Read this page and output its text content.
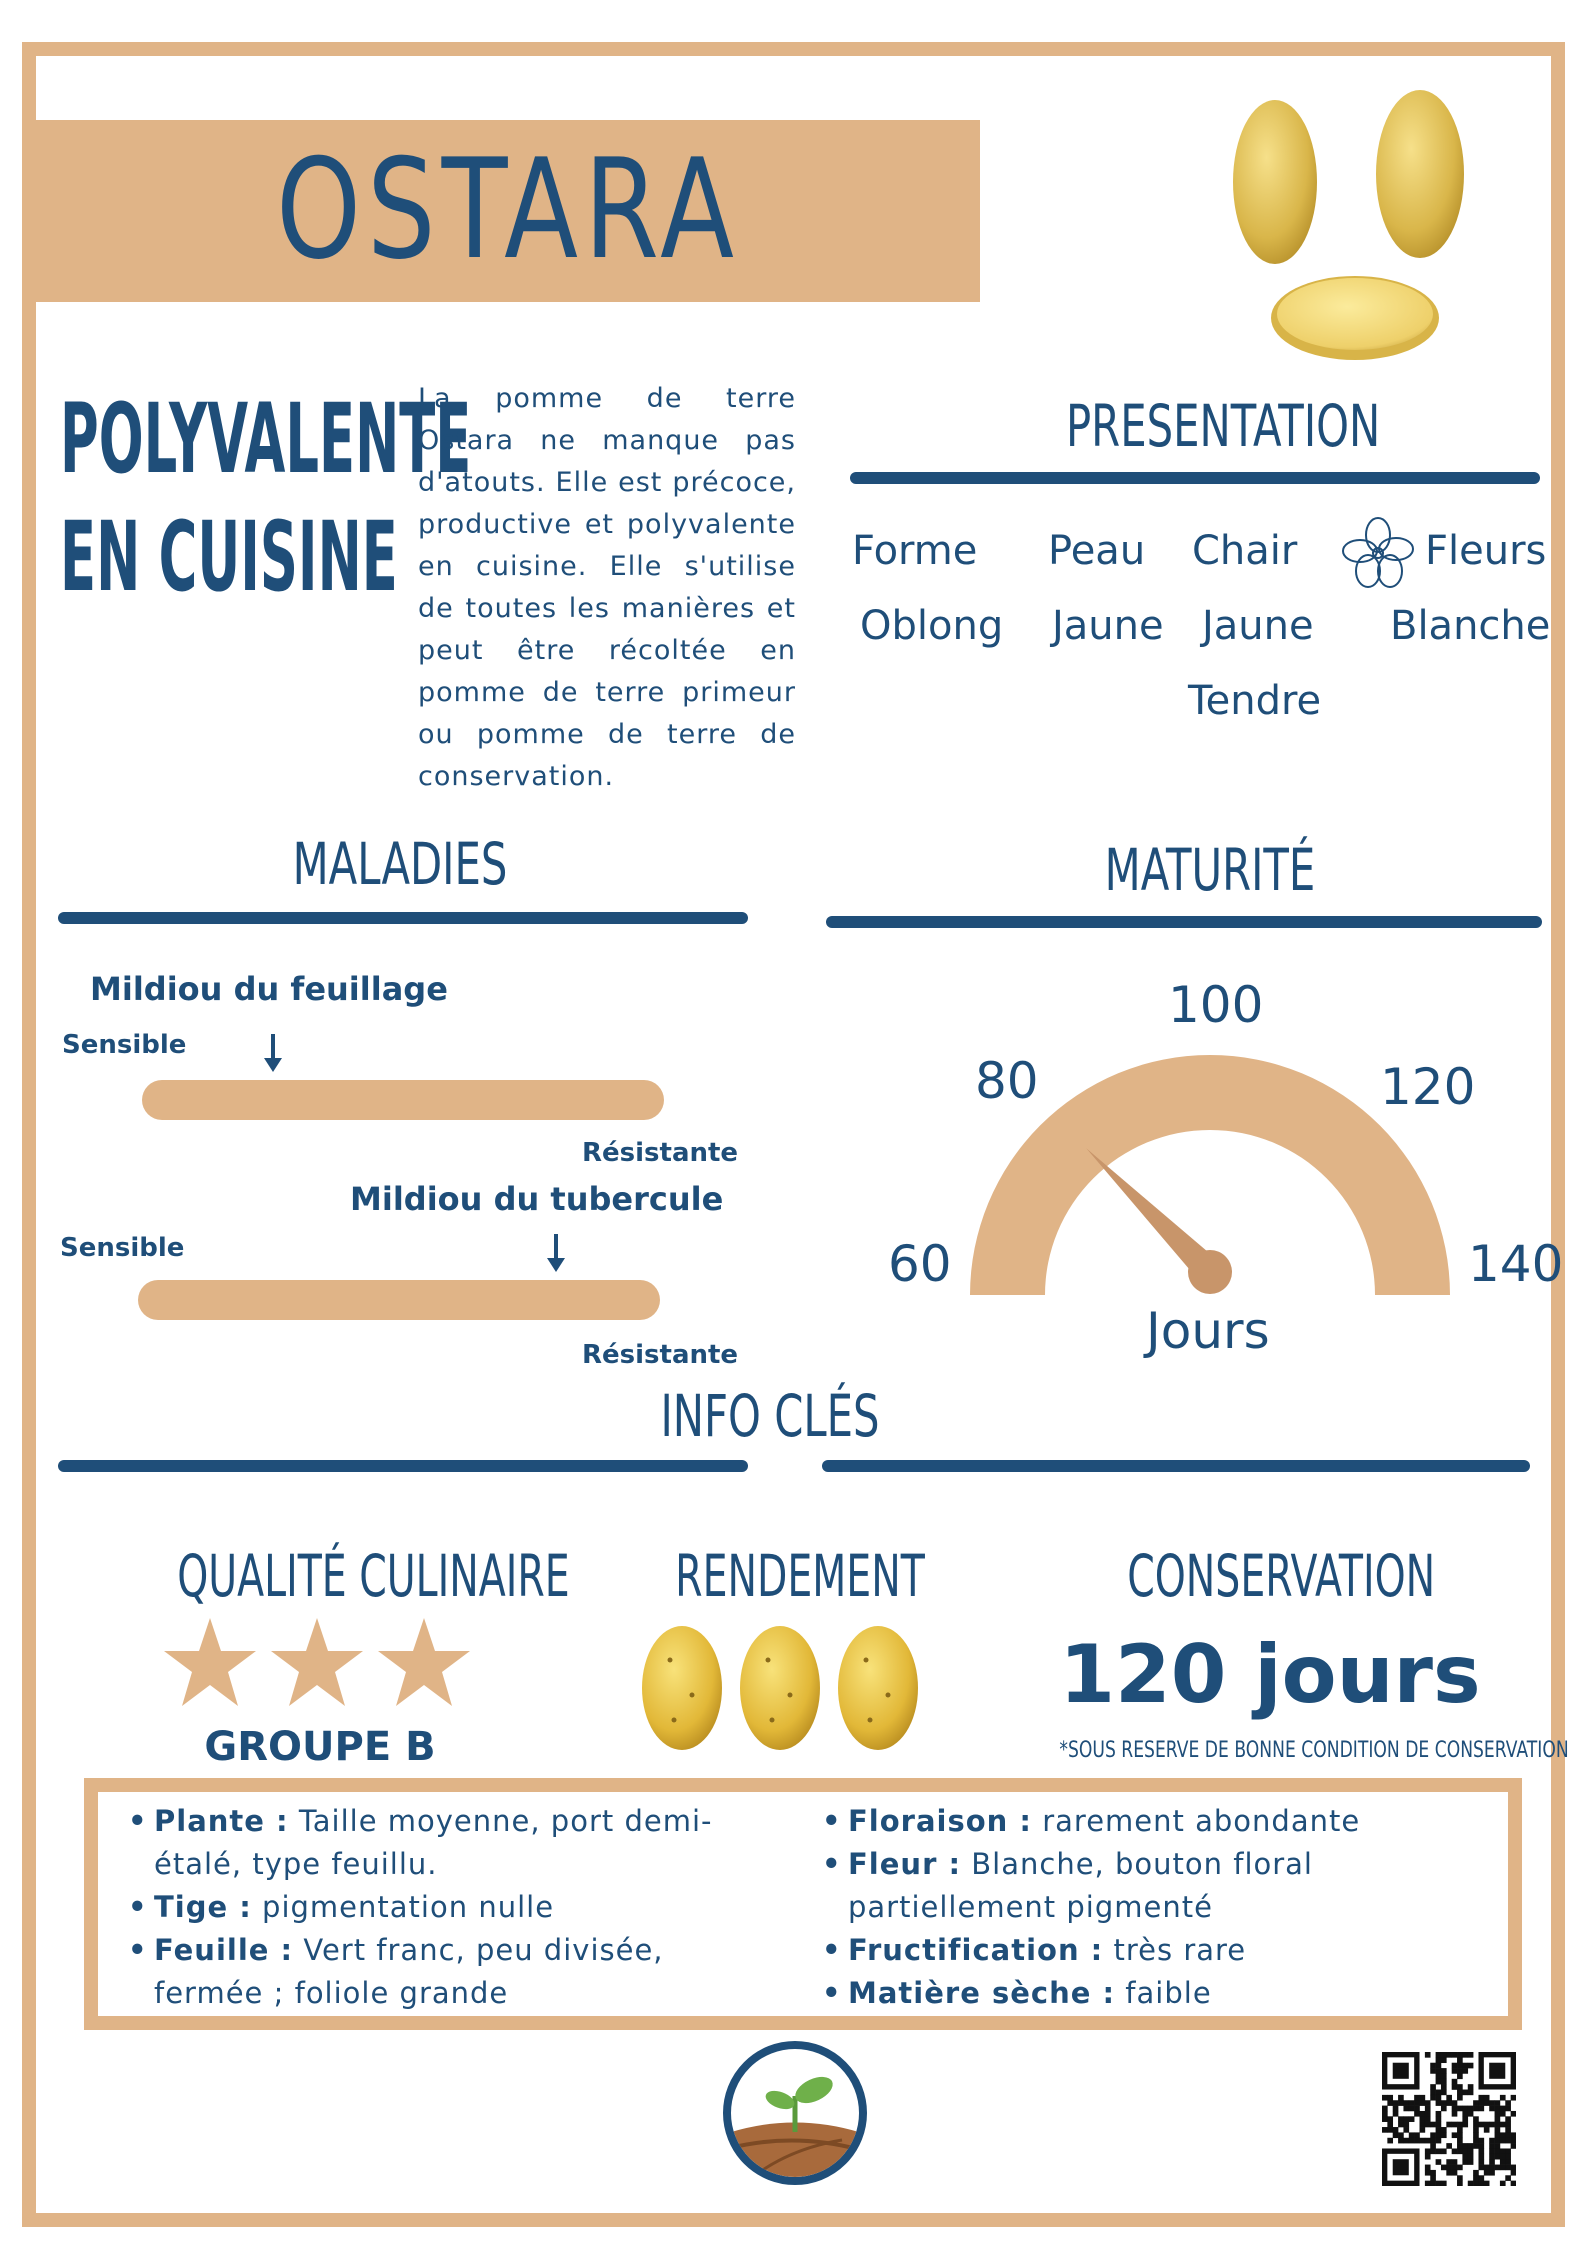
OSTARA
POLYVALENTE
EN CUISINE
La pomme de terre Ostara ne manque pas d'atouts. Elle est précoce, productive et polyvalente en cuisine. Elle s'utilise de toutes les manières et peut être récoltée en pomme de terre primeur ou pomme de terre de conservation.
PRESENTATION
Forme
Oblong
Peau
Jaune
Chair
Jaune
Tendre
Fleurs
Blanche
MALADIES
Mildiou du feuillage
Sensible
Résistante
Mildiou du tubercule
Sensible
Résistante
MATURITÉ
60
80
100
120
140
Jours
INFO CLÉS
QUALITÉ CULINAIRE
GROUPE B
RENDEMENT	CONSERVATION
120 jours
*SOUS RESERVE DE BONNE CONDITION DE CONSERVATION
• Plante : Taille moyenne, port demi-étalé, type feuillu.
• Tige : pigmentation nulle
• Feuille : Vert franc, peu divisée, fermée ; foliole grande
• Floraison : rarement abondante
• Fleur : Blanche, bouton floral partiellement pigmenté
• Fructification : très rare
• Matière sèche : faible
